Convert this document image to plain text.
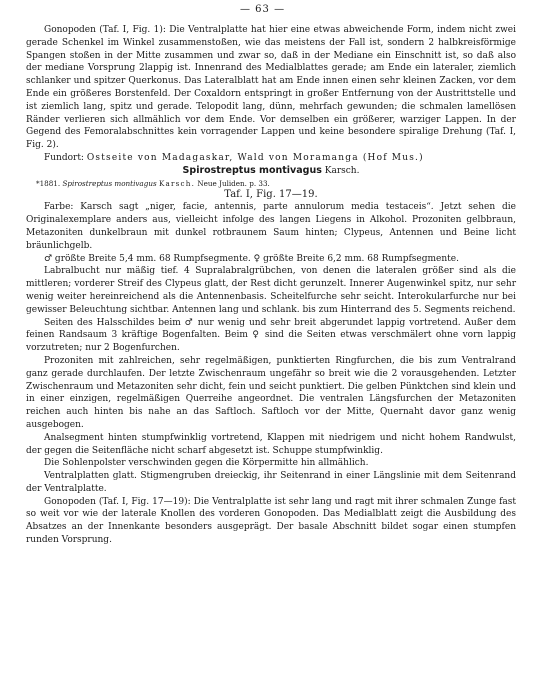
— 63 —

Gonopoden (Taf. I, Fig. 1): Die Ventralplatte hat hier eine etwas abweichende Form, indem nicht zwei gerade Schenkel im Winkel zusammenstoßen, wie das meistens der Fall ist, sondern 2 halbkreisförmige Spangen stoßen in der Mitte zusammen und zwar so, daß in der Mediane ein Einschnitt ist, so daß also der mediane Vorsprung 2lappig ist. Innenrand des Medialblattes gerade; am Ende ein lateraler, ziemlich schlanker und spitzer Querkonus. Das Lateralblatt hat am Ende innen einen sehr kleinen Zacken, vor dem Ende ein größeres Borstenfeld. Der Coxaldorn entspringt in großer Entfernung von der Austrittstelle und ist ziemlich lang, spitz und gerade. Telopodit lang, dünn, mehrfach gewunden; die schmalen lamellösen Ränder verlieren sich allmählich vor dem Ende. Vor demselben ein größerer, warziger Lappen. In der Gegend des Femoralabschnittes kein vorragender Lappen und keine besondere spiralige Drehung (Taf. I, Fig. 2).

Fundort: Ostseite von Madagaskar, Wald von Moramanga (Hof Mus.)

Spirostreptus montivagus Karsch.

*1881. Spirostreptus montivagus Karsch. Neue Juliden. p. 33.

Taf. I, Fig. 17—19.

Farbe: Karsch sagt „niger, facie, antennis, parte annulorum media testaceis“. Jetzt sehen die Originalexemplare anders aus, vielleicht infolge des langen Liegens in Alkohol. Prozoniten gelbbraun, Metazoniten dunkelbraun mit dunkel rotbraunem Saum hinten; Clypeus, Antennen und Beine licht bräunlichgelb.

♂ größte Breite 5,4 mm. 68 Rumpfsegmente. ♀ größte Breite 6,2 mm. 68 Rumpfsegmente.

Labralbucht nur mäßig tief. 4 Supralabralgrübchen, von denen die lateralen größer sind als die mittleren; vorderer Streif des Clypeus glatt, der Rest dicht gerunzelt. Innerer Augenwinkel spitz, nur sehr wenig weiter hereinreichend als die Antennenbasis. Scheitelfurche sehr seicht. Interokularfurche nur bei gewisser Beleuchtung sichtbar. Antennen lang und schlank. bis zum Hinterrand des 5. Segments reichend.

Seiten des Halsschildes beim ♂ nur wenig und sehr breit abgerundet lappig vortretend. Außer dem feinen Randsaum 3 kräftige Bogenfalten. Beim ♀ sind die Seiten etwas verschmälert ohne vorn lappig vorzutreten; nur 2 Bogenfurchen.

Prozoniten mit zahlreichen, sehr regelmäßigen, punktierten Ringfurchen, die bis zum Ventralrand ganz gerade durchlaufen. Der letzte Zwischenraum ungefähr so breit wie die 2 vorausgehenden. Letzter Zwischenraum und Metazoniten sehr dicht, fein und seicht punktiert. Die gelben Pünktchen sind klein und in einer einzigen, regelmäßigen Querreihe angeordnet. Die ventralen Längsfurchen der Metazoniten reichen auch hinten bis nahe an das Saftloch. Saftloch vor der Mitte, Quernaht davor ganz wenig ausgebogen.

Analsegment hinten stumpfwinklig vortretend, Klappen mit niedrigem und nicht hohem Randwulst, der gegen die Seitenfläche nicht scharf abgesetzt ist. Schuppe stumpfwinklig.

Die Sohlenpolster verschwinden gegen die Körpermitte hin allmählich.

Ventralplatten glatt. Stigmengruben dreieckig, ihr Seitenrand in einer Längslinie mit dem Seitenrand der Ventralplatte.

Gonopoden (Taf. I, Fig. 17—19): Die Ventralplatte ist sehr lang und ragt mit ihrer schmalen Zunge fast so weit vor wie der laterale Knollen des vorderen Gonopoden. Das Medialblatt zeigt die Ausbildung des Absatzes an der Innenkante besonders ausgeprägt. Der basale Abschnitt bildet sogar einen stumpfen runden Vorsprung.
